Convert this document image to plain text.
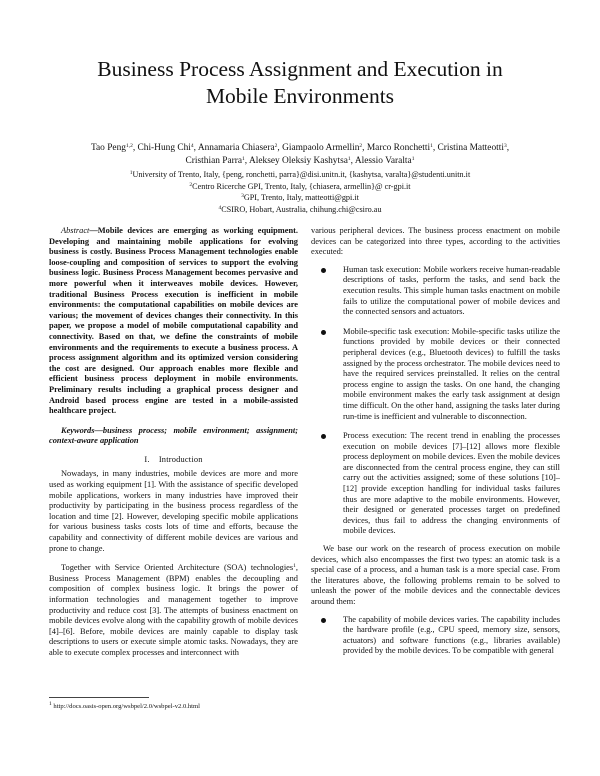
Business Process Assignment and Execution in
Mobile Environments
Tao Peng$^{1,2}$, Chi-Hung Chi$^4$, Annamaria Chiasera$^2$, Giampaolo Armellin$^2$, Marco Ronchetti$^1$, Cristina Matteotti$^3$,
Cristhian Parra$^1$, Aleksey Oleksiy Kashytsa$^1$, Alessio Varalta$^1$
$^1$University of Trento, Italy, {peng, ronchetti, parra}@disi.unitn.it, {kashytsa, varalta}@studenti.unitn.it
$^2$Centro Ricerche GPI, Trento, Italy, {chiasera, armellin}@ cr-gpi.it
$^3$GPI, Trento, Italy, matteotti@gpi.it
$^4$CSIRO, Hobart, Australia, chihung.chi@csiro.au

Abstract—Mobile devices are emerging as working equipment. Developing and maintaining mobile applications for evolving business is costly. Business Process Management technologies enable loose-coupling and composition of services to support the evolving business logic. Business Process Management becomes pervasive and more powerful when it interweaves mobile devices. However, traditional Business Process execution is inefficient in mobile environments: the computational capabilities on mobile devices are various; the movement of devices changes their connectivity. In this paper, we propose a model of mobile computational capability and connectivity. Based on that, we define the constraints of mobile environments and the requirements to execute a business process. A process assignment algorithm and its optimized version considering the cost are designed. Our approach enables more flexible and efficient business process deployment in mobile environments. Preliminary results including a graphical process designer and Android based process engine are tested in a mobile-assisted healthcare project.

Keywords—business process; mobile environment; assignment; context-aware application

I.    Introduction

Nowadays, in many industries, mobile devices are more and more used as working equipment [1]. With the assistance of specific developed mobile applications, workers in many industries have improved their productivity by participating in the business process regardless of the location and time [2]. However, developing specific mobile applications for various business tasks costs lots of time and efforts, because the capability and connectivity of different mobile devices are various and prone to change.

Together with Service Oriented Architecture (SOA) technologies$^1$, Business Process Management (BPM) enables the decoupling and composition of complex business logic. It brings the power of information technologies and management together to improve productivity and reduce cost [3]. The attempts of business enactment on mobile devices evolve along with the capability growth of mobile devices [4]–[6]. Before, mobile devices are mainly capable to display task descriptions to users or execute simple atomic tasks. Nowadays, they are able to execute complex processes and interconnect with

various peripheral devices. The business process enactment on mobile devices can be categorized into three types, according to the activities executed:

Human task execution: Mobile workers receive human-readable descriptions of tasks, perform the tasks, and send back the execution results. This simple human tasks enactment on mobile fails to utilize the computational power of mobile devices and the connected sensors and actuators.
Mobile-specific task execution: Mobile-specific tasks utilize the functions provided by mobile devices or their connected peripheral devices (e.g., Bluetooth devices) to fulfill the tasks assigned by the process orchestrator. The mobile devices need to have the required services preinstalled. It relies on the central process engine to assign the tasks. On one hand, the changing mobile environment makes the early task assignment at design time difficult. On the other hand, assigning the tasks later during run-time is inefficient and vulnerable to disconnection.
Process execution: The recent trend in enabling the processes execution on mobile devices [7]–[12] allows more flexible process deployment on mobile devices. Even the mobile devices are disconnected from the central process engine, they can still carry out the activities assigned; some of these solutions [10]–[12] provide exception handling for individual tasks failures thus are more adaptive to the mobile environments. However, their designed or generated processes target on predefined devices, thus fail to address the changing environments of mobile devices.

We base our work on the research of process execution on mobile devices, which also encompasses the first two types: an atomic task is a special case of a process, and a human task is a more special case. From the literatures above, the following problems remain to be solved to unleash the power of the mobile devices and the connectable devices around them:

The capability of mobile devices varies. The capability includes the hardware profile (e.g., CPU speed, memory size, sensors, actuators) and software functions (e.g., libraries available) provided by the mobile devices. To be compatible with general
$^1$ http://docs.oasis-open.org/wsbpel/2.0/wsbpel-v2.0.html
